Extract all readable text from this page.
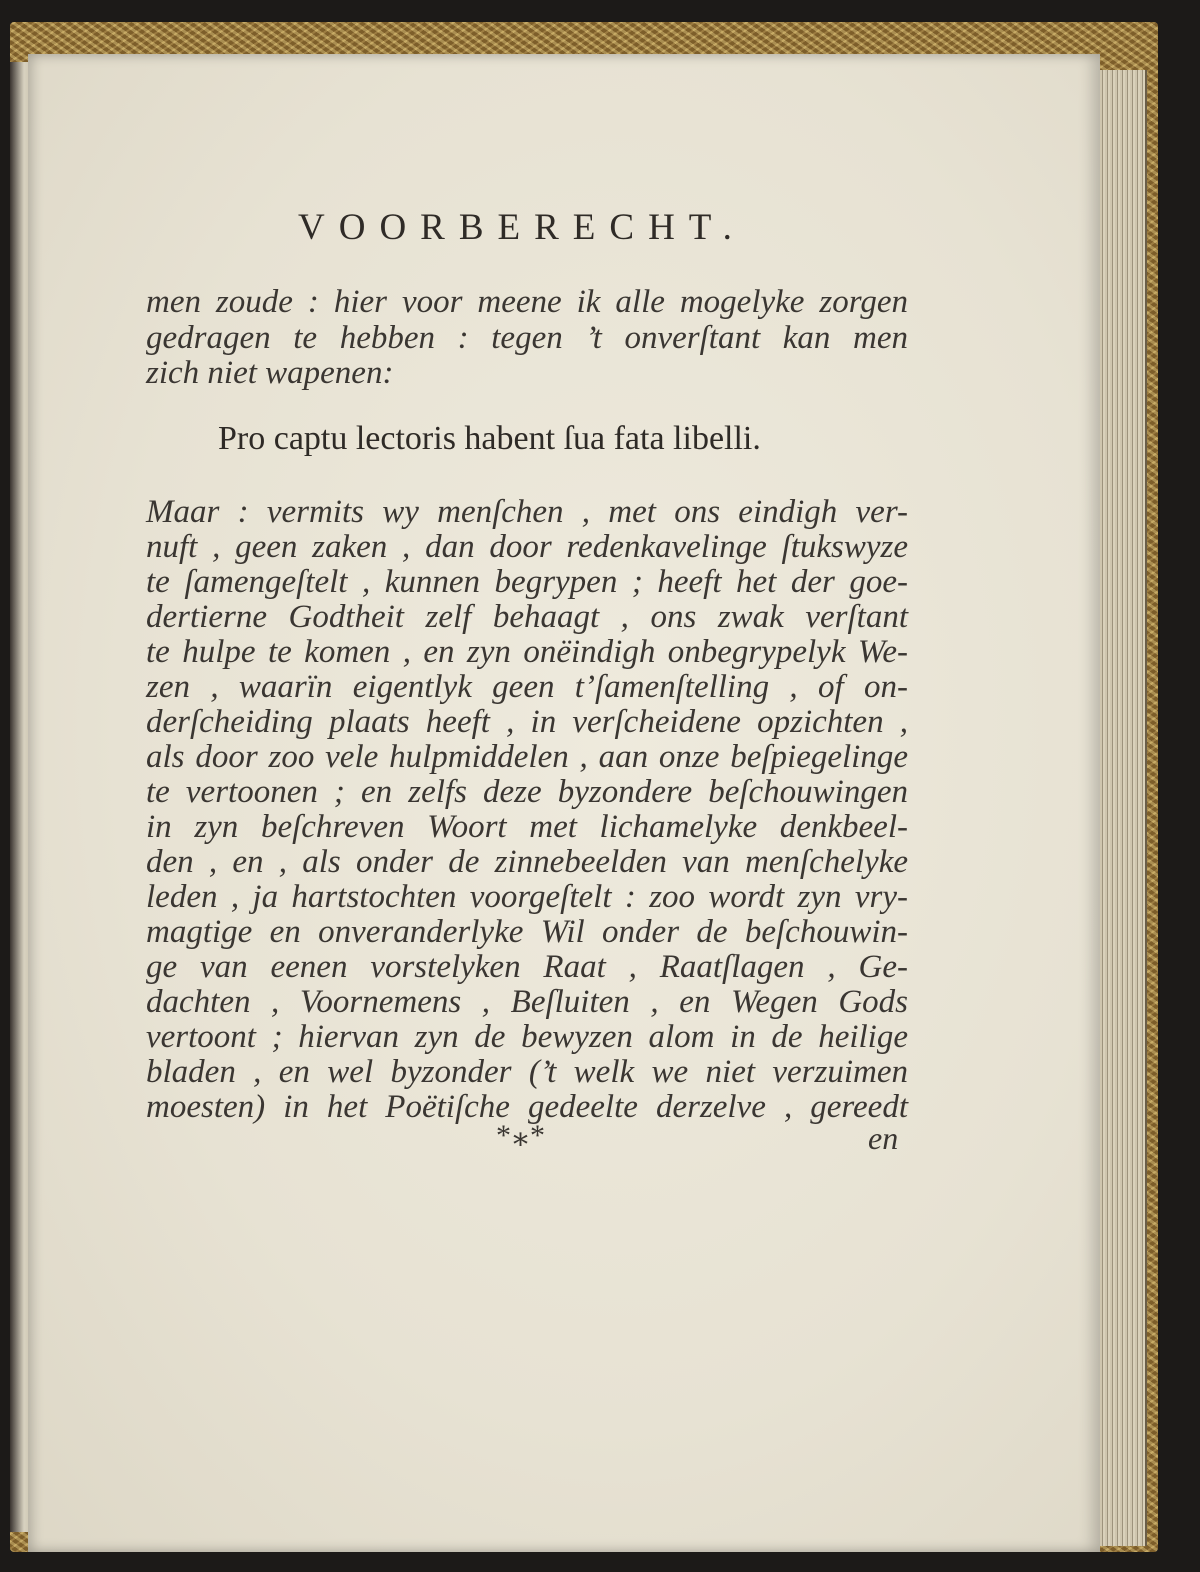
VOORBERECHT.
men zoude : hier voor meene ik alle mogelyke zorgen
gedragen te hebben : tegen ’t onverſtant kan men
zich niet wapenen:
Pro captu lectoris habent ſua fata libelli.
Maar : vermits wy menſchen , met ons eindigh ver-
nuft , geen zaken , dan door redenkavelinge ſtukswyze
te ſamengeſtelt , kunnen begrypen ; heeft het der goe-
dertierne Godtheit zelf behaagt , ons zwak verſtant
te hulpe te komen , en zyn onëindigh onbegrypelyk We-
zen , waarïn eigentlyk geen t’ſamenſtelling , of on-
derſcheiding plaats heeft , in verſcheidene opzichten ,
als door zoo vele hulpmiddelen , aan onze beſpiegelinge
te vertoonen ; en zelfs deze byzondere beſchouwingen
in zyn beſchreven Woort met lichamelyke denkbeel-
den , en , als onder de zinnebeelden van menſchelyke
leden , ja hartstochten voorgeſtelt : zoo wordt zyn vry-
magtige en onveranderlyke Wil onder de beſchouwin-
ge van eenen vorstelyken Raat , Raatſlagen , Ge-
dachten , Voornemens , Beſluiten , en Wegen Gods
vertoont ; hiervan zyn de bewyzen alom in de heilige
bladen , en wel byzonder (’t welk we niet verzuimen
moesten) in het Poëtiſche gedeelte derzelve , gereedt
*⁎*	en
